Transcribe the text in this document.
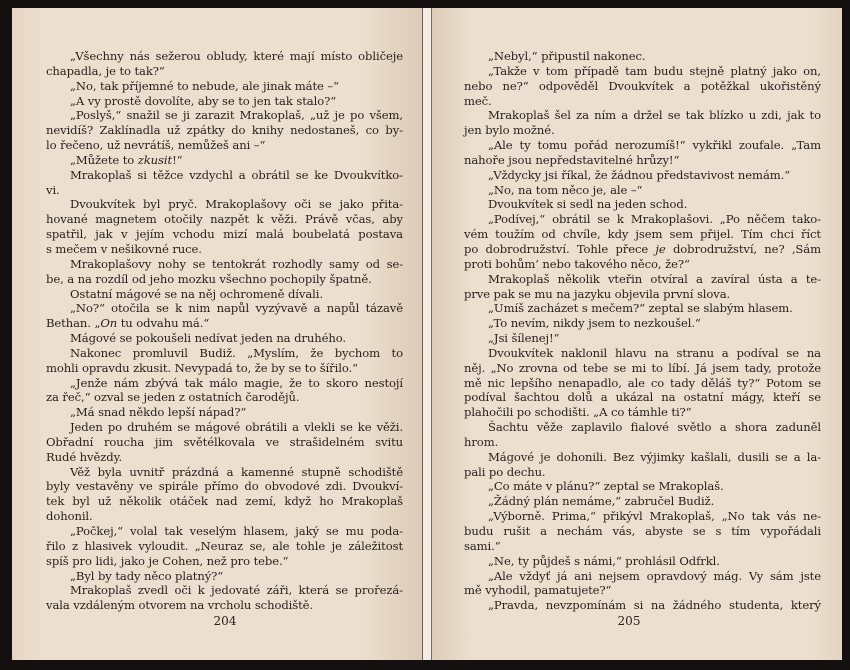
„Všechny nás sežerou obludy, které mají místo obličeje
chapadla, je to tak?“
„No, tak příjemné to nebude, ale jinak máte –“
„A vy prostě dovolíte, aby se to jen tak stalo?“
„Poslyš,“ snažil se ji zarazit Mrakoplaš, „už je po všem,
nevidíš? Zaklínadla už zpátky do knihy nedostaneš, co by-
lo řečeno, už nevrátíš, nemůžeš ani –“
„Můžete to zkusit!“
Mrakoplaš si těžce vzdychl a obrátil se ke Dvoukvítko-
vi.
Dvoukvítek byl pryč. Mrakoplašovy oči se jako přita-
hované magnetem otočily nazpět k věži. Právě včas, aby
spatřil, jak v jejím vchodu mizí malá boubelatá postava
s mečem v nešikovné ruce.
Mrakoplašovy nohy se tentokrát rozhodly samy od se-
be, a na rozdíl od jeho mozku všechno pochopily špatně.
Ostatní mágové se na něj ochromeně dívali.
„No?“ otočila se k nim napůl vyzývavě a napůl tázavě
Bethan. „On tu odvahu má.“
Mágové se pokoušeli nedívat jeden na druhého.
Nakonec promluvil Budiž. „Myslím, že bychom to
mohli opravdu zkusit. Nevypadá to, že by se to šířilo.“
„Jenže nám zbývá tak málo magie, že to skoro nestojí
za řeč,“ ozval se jeden z ostatních čarodějů.
„Má snad někdo lepší nápad?“
Jeden po druhém se mágové obrátili a vlekli se ke věži.
Obřadní roucha jim světélkovala ve strašidelném svitu
Rudé hvězdy.
Věž byla uvnitř prázdná a kamenné stupně schodiště
byly vestavěny ve spirále přímo do obvodové zdi. Dvoukví-
tek byl už několik otáček nad zemí, když ho Mrakoplaš
dohonil.
„Počkej,“ volal tak veselým hlasem, jaký se mu poda-
řilo z hlasivek vyloudit. „Neuraz se, ale tohle je záležitost
spíš pro lidi, jako je Cohen, než pro tebe.“
„Byl by tady něco platný?“
Mrakoplaš zvedl oči k jedovaté záři, která se prořezá-
vala vzdáleným otvorem na vrcholu schodiště.
204
„Nebyl,“ připustil nakonec.
„Takže v tom případě tam budu stejně platný jako on,
nebo ne?“ odpověděl Dvoukvítek a potěžkal ukořistěný
meč.
Mrakoplaš šel za ním a držel se tak blízko u zdi, jak to
jen bylo možné.
„Ale ty tomu pořád nerozumíš!“ vykřikl zoufale. „Tam
nahoře jsou nepředstavitelné hrůzy!“
„Vždycky jsi říkal, že žádnou představivost nemám.“
„No, na tom něco je, ale –“
Dvoukvítek si sedl na jeden schod.
„Podívej,“ obrátil se k Mrakoplašovi. „Po něčem tako-
vém toužím od chvíle, kdy jsem sem přijel. Tím chci říct
po dobrodružství. Tohle přece je dobrodružství, ne? ‚Sám
proti bohům‘ nebo takového něco, že?“
Mrakoplaš několik vteřin otvíral a zavíral ústa a te-
prve pak se mu na jazyku objevila první slova.
„Umíš zacházet s mečem?“ zeptal se slabým hlasem.
„To nevím, nikdy jsem to nezkoušel.“
„Jsi šílenej!“
Dvoukvítek naklonil hlavu na stranu a podíval se na
něj. „No zrovna od tebe se mi to líbí. Já jsem tady, protože
mě nic lepšího nenapadlo, ale co tady děláš ty?“ Potom se
podíval šachtou dolů a ukázal na ostatní mágy, kteří se
plahočili po schodišti. „A co támhle ti?“
Šachtu věže zaplavilo fialové světlo a shora zaduněl
hrom.
Mágové je dohonili. Bez výjimky kašlali, dusili se a la-
pali po dechu.
„Co máte v plánu?“ zeptal se Mrakoplaš.
„Žádný plán nemáme,“ zabručel Budiž.
„Výborně. Prima,“ přikývl Mrakoplaš, „No tak vás ne-
budu rušit a nechám vás, abyste se s tím vypořádali
sami.“
„Ne, ty půjdeš s námi,“ prohlásil Odfrkl.
„Ale vždyť já ani nejsem opravdový mág. Vy sám jste
mě vyhodil, pamatujete?“
„Pravda, nevzpomínám si na žádného studenta, který
205
